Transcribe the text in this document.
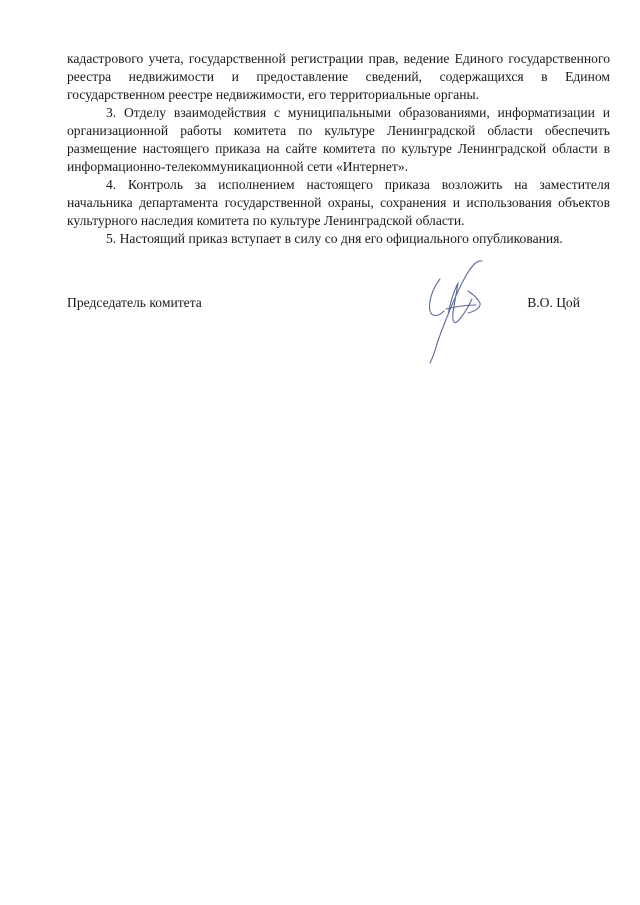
кадастрового учета, государственной регистрации прав, ведение Единого государственного реестра недвижимости и предоставление сведений, содержащихся в Едином государственном реестре недвижимости, его территориальные органы.

3. Отделу взаимодействия с муниципальными образованиями, информатизации и организационной работы комитета по культуре Ленинградской области обеспечить размещение настоящего приказа на сайте комитета по культуре Ленинградской области в информационно-телекоммуникационной сети «Интернет».

4. Контроль за исполнением настоящего приказа возложить на заместителя начальника департамента государственной охраны, сохранения и использования объектов культурного наследия комитета по культуре Ленинградской области.

5. Настоящий приказ вступает в силу со дня его официального опубликования.

Председатель комитета	В.О. Цой
